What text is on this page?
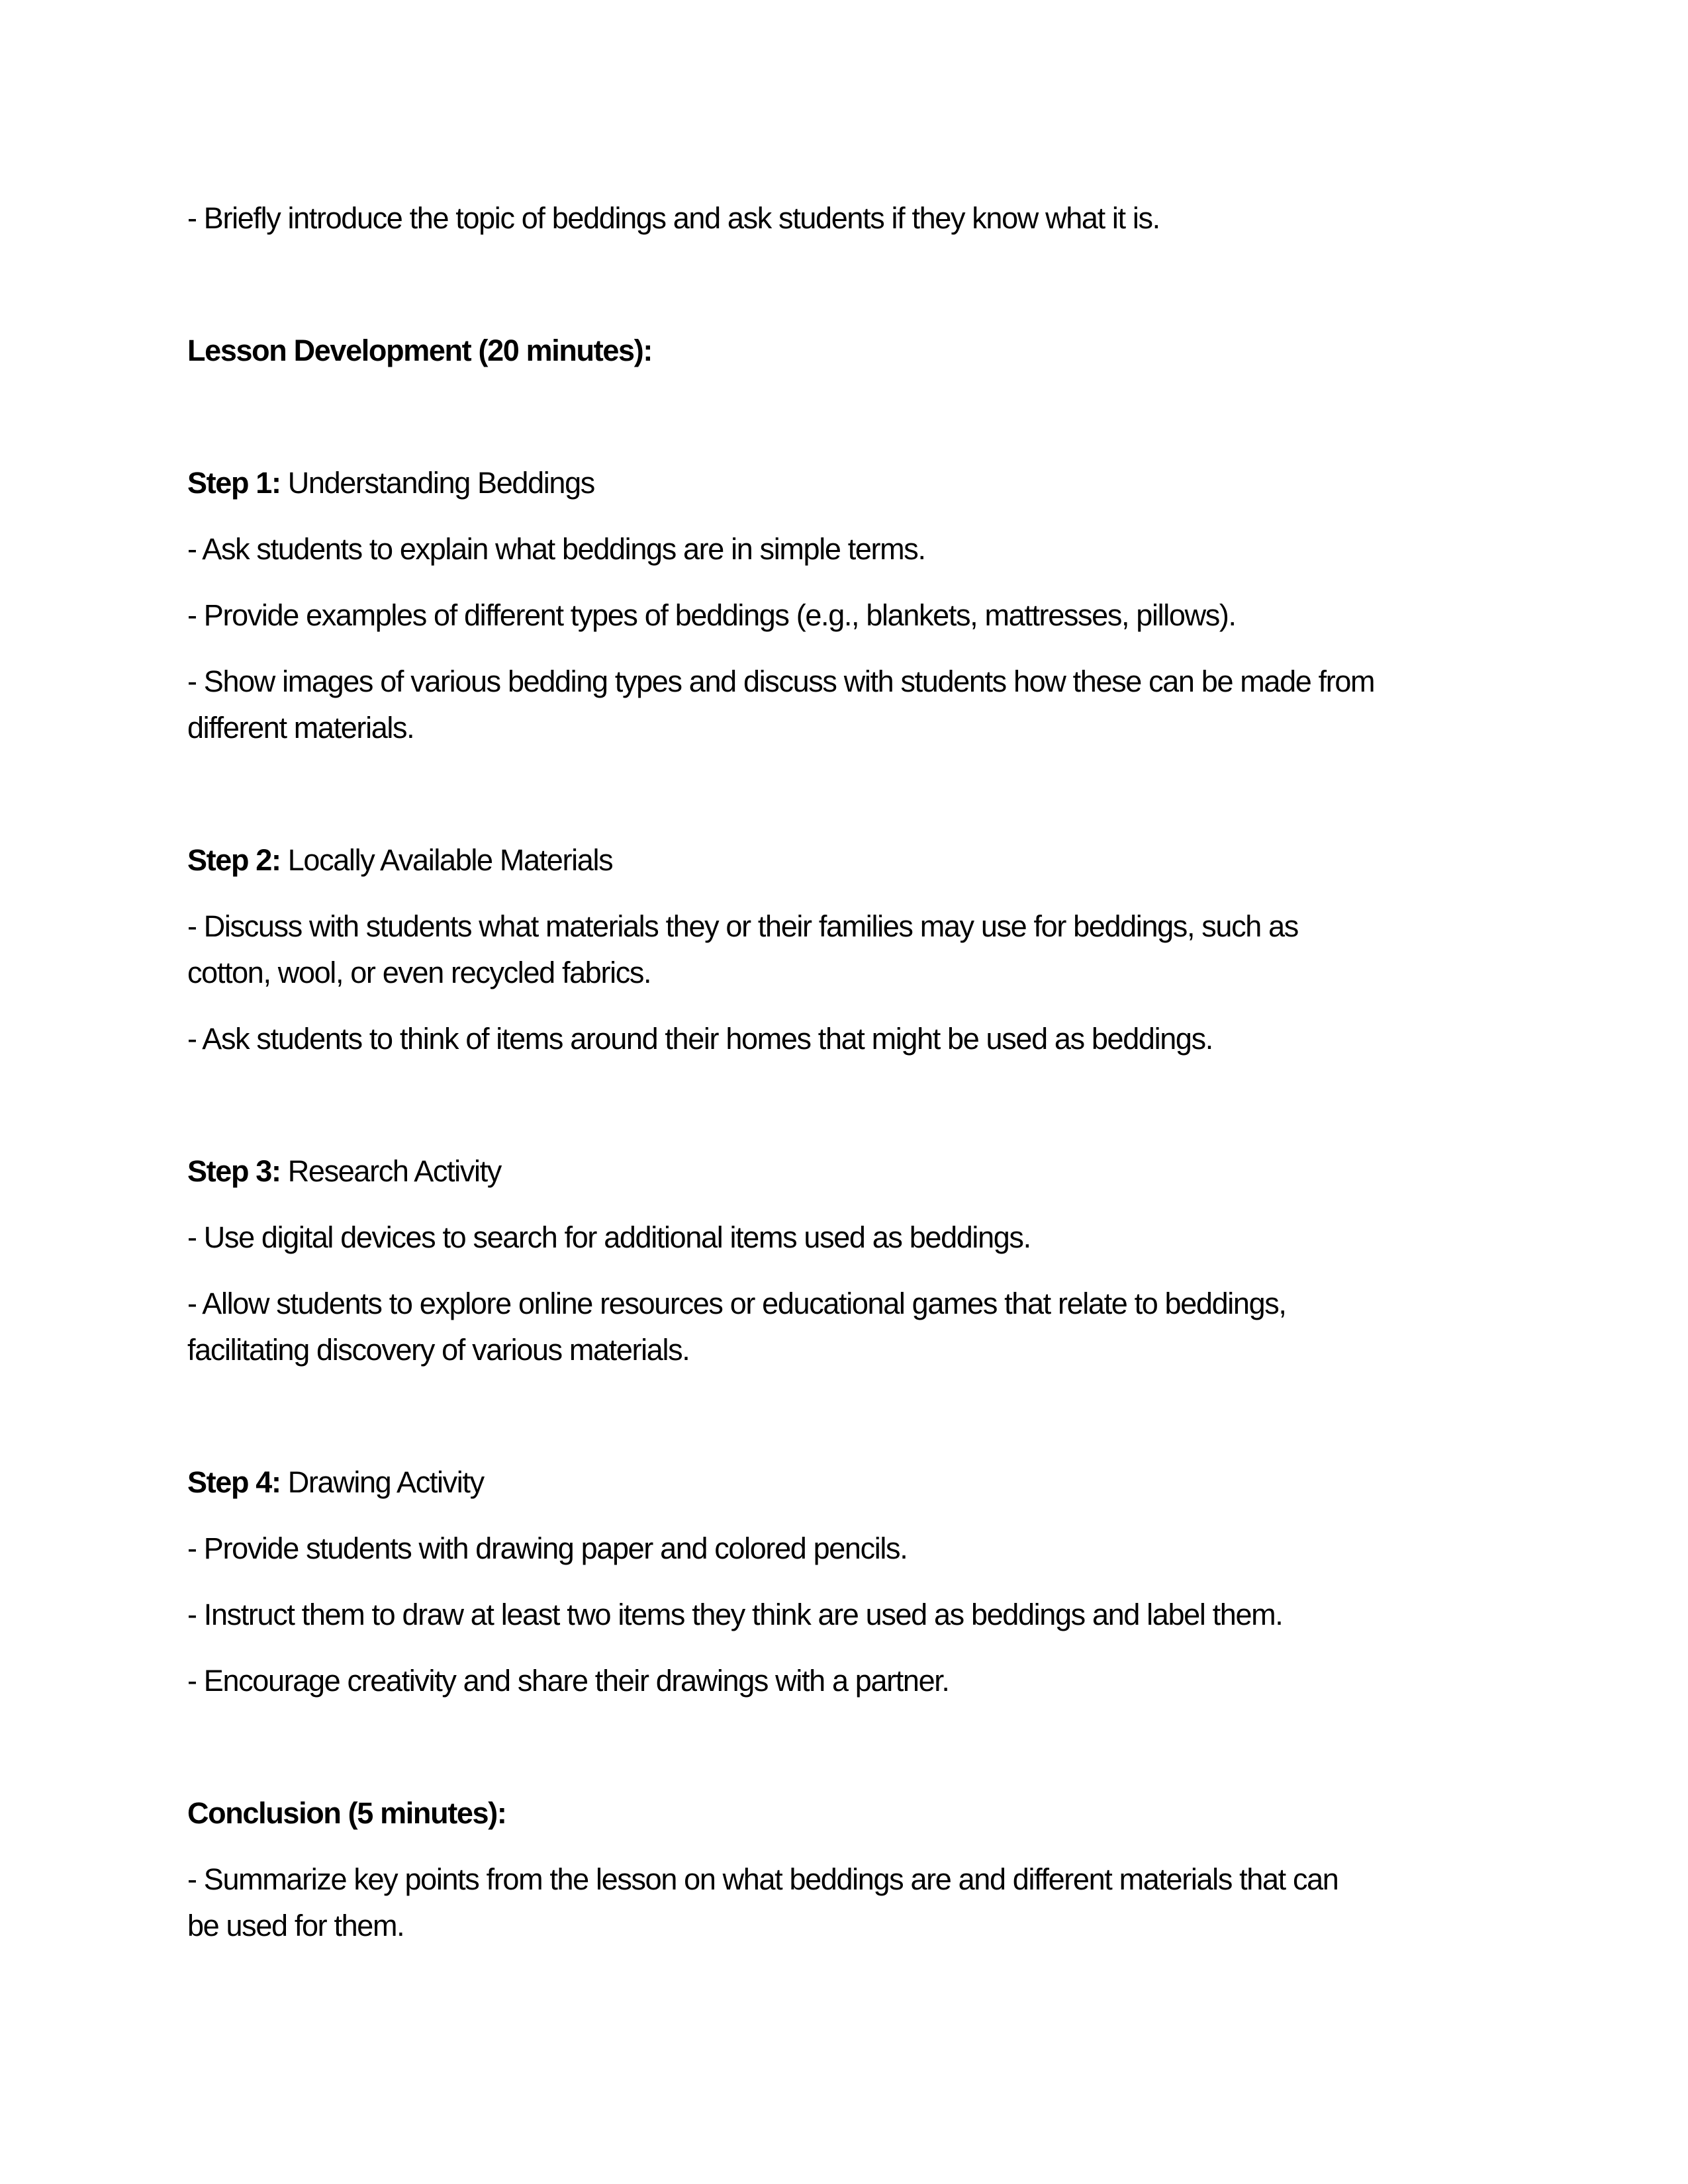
- Briefly introduce the topic of beddings and ask students if they know what it is.

Lesson Development (20 minutes):

Step 1: Understanding Beddings

- Ask students to explain what beddings are in simple terms.

- Provide examples of different types of beddings (e.g., blankets, mattresses, pillows).

- Show images of various bedding types and discuss with students how these can be made from
different materials.

Step 2: Locally Available Materials

- Discuss with students what materials they or their families may use for beddings, such as
cotton, wool, or even recycled fabrics.

- Ask students to think of items around their homes that might be used as beddings.

Step 3: Research Activity

- Use digital devices to search for additional items used as beddings.

- Allow students to explore online resources or educational games that relate to beddings,
facilitating discovery of various materials.

Step 4: Drawing Activity

- Provide students with drawing paper and colored pencils.

- Instruct them to draw at least two items they think are used as beddings and label them.

- Encourage creativity and share their drawings with a partner.

Conclusion (5 minutes):

- Summarize key points from the lesson on what beddings are and different materials that can
be used for them.
